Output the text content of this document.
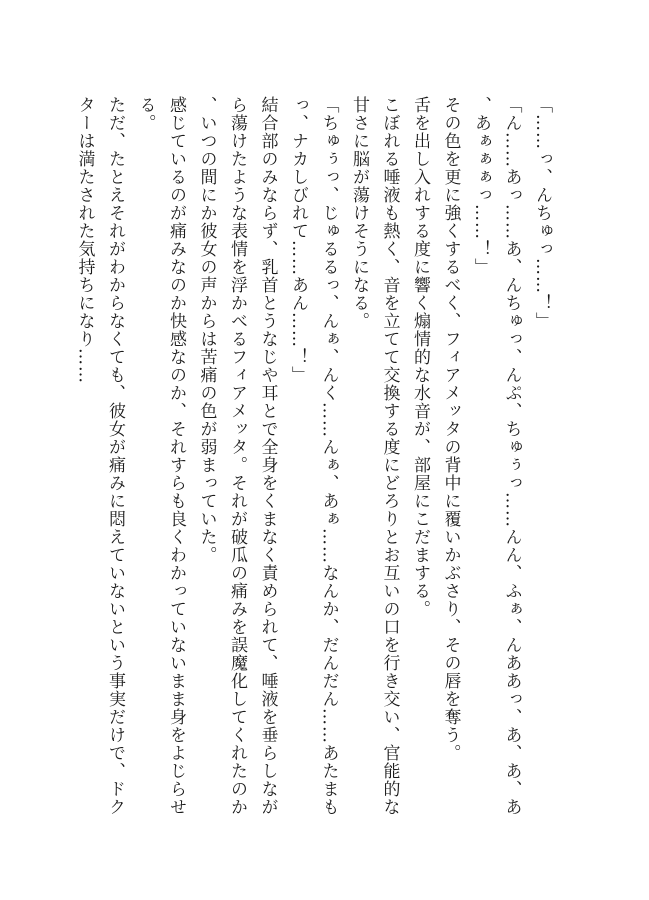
「……っ、んちゅっ……！」

「ん……あっ……あ、んちゅっ、んぷ、ちゅぅっ……んん、ふぁ、んああっ、あ、あ、あ、あぁぁぁっ……！」

その色を更に強くするべく、フィアメッタの背中に覆いかぶさり、その唇を奪う。

舌を出し入れする度に響く煽情的な水音が、部屋にこだまする。

こぼれる唾液も熱く、音を立てて交換する度にどろりとお互いの口を行き交い、官能的な甘さに脳が蕩けそうになる。

「ちゅぅっ、じゅるるっ、んぁ、んく……んぁ、あぁ……なんか、だんだん……あたまもっ、ナカしびれて……あん……！」

結合部のみならず、乳首とうなじや耳とで全身をくまなく責められて、唾液を垂らしながら蕩けたような表情を浮かべるフィアメッタ。それが破瓜の痛みを誤魔化してくれたのか、いつの間にか彼女の声からは苦痛の色が弱まっていた。

感じているのが痛みなのか快感なのか、それすらも良くわかっていないまま身をよじらせる。

ただ、たとえそれがわからなくても、彼女が痛みに悶えていないという事実だけで、ドクターは満たされた気持ちになり……
